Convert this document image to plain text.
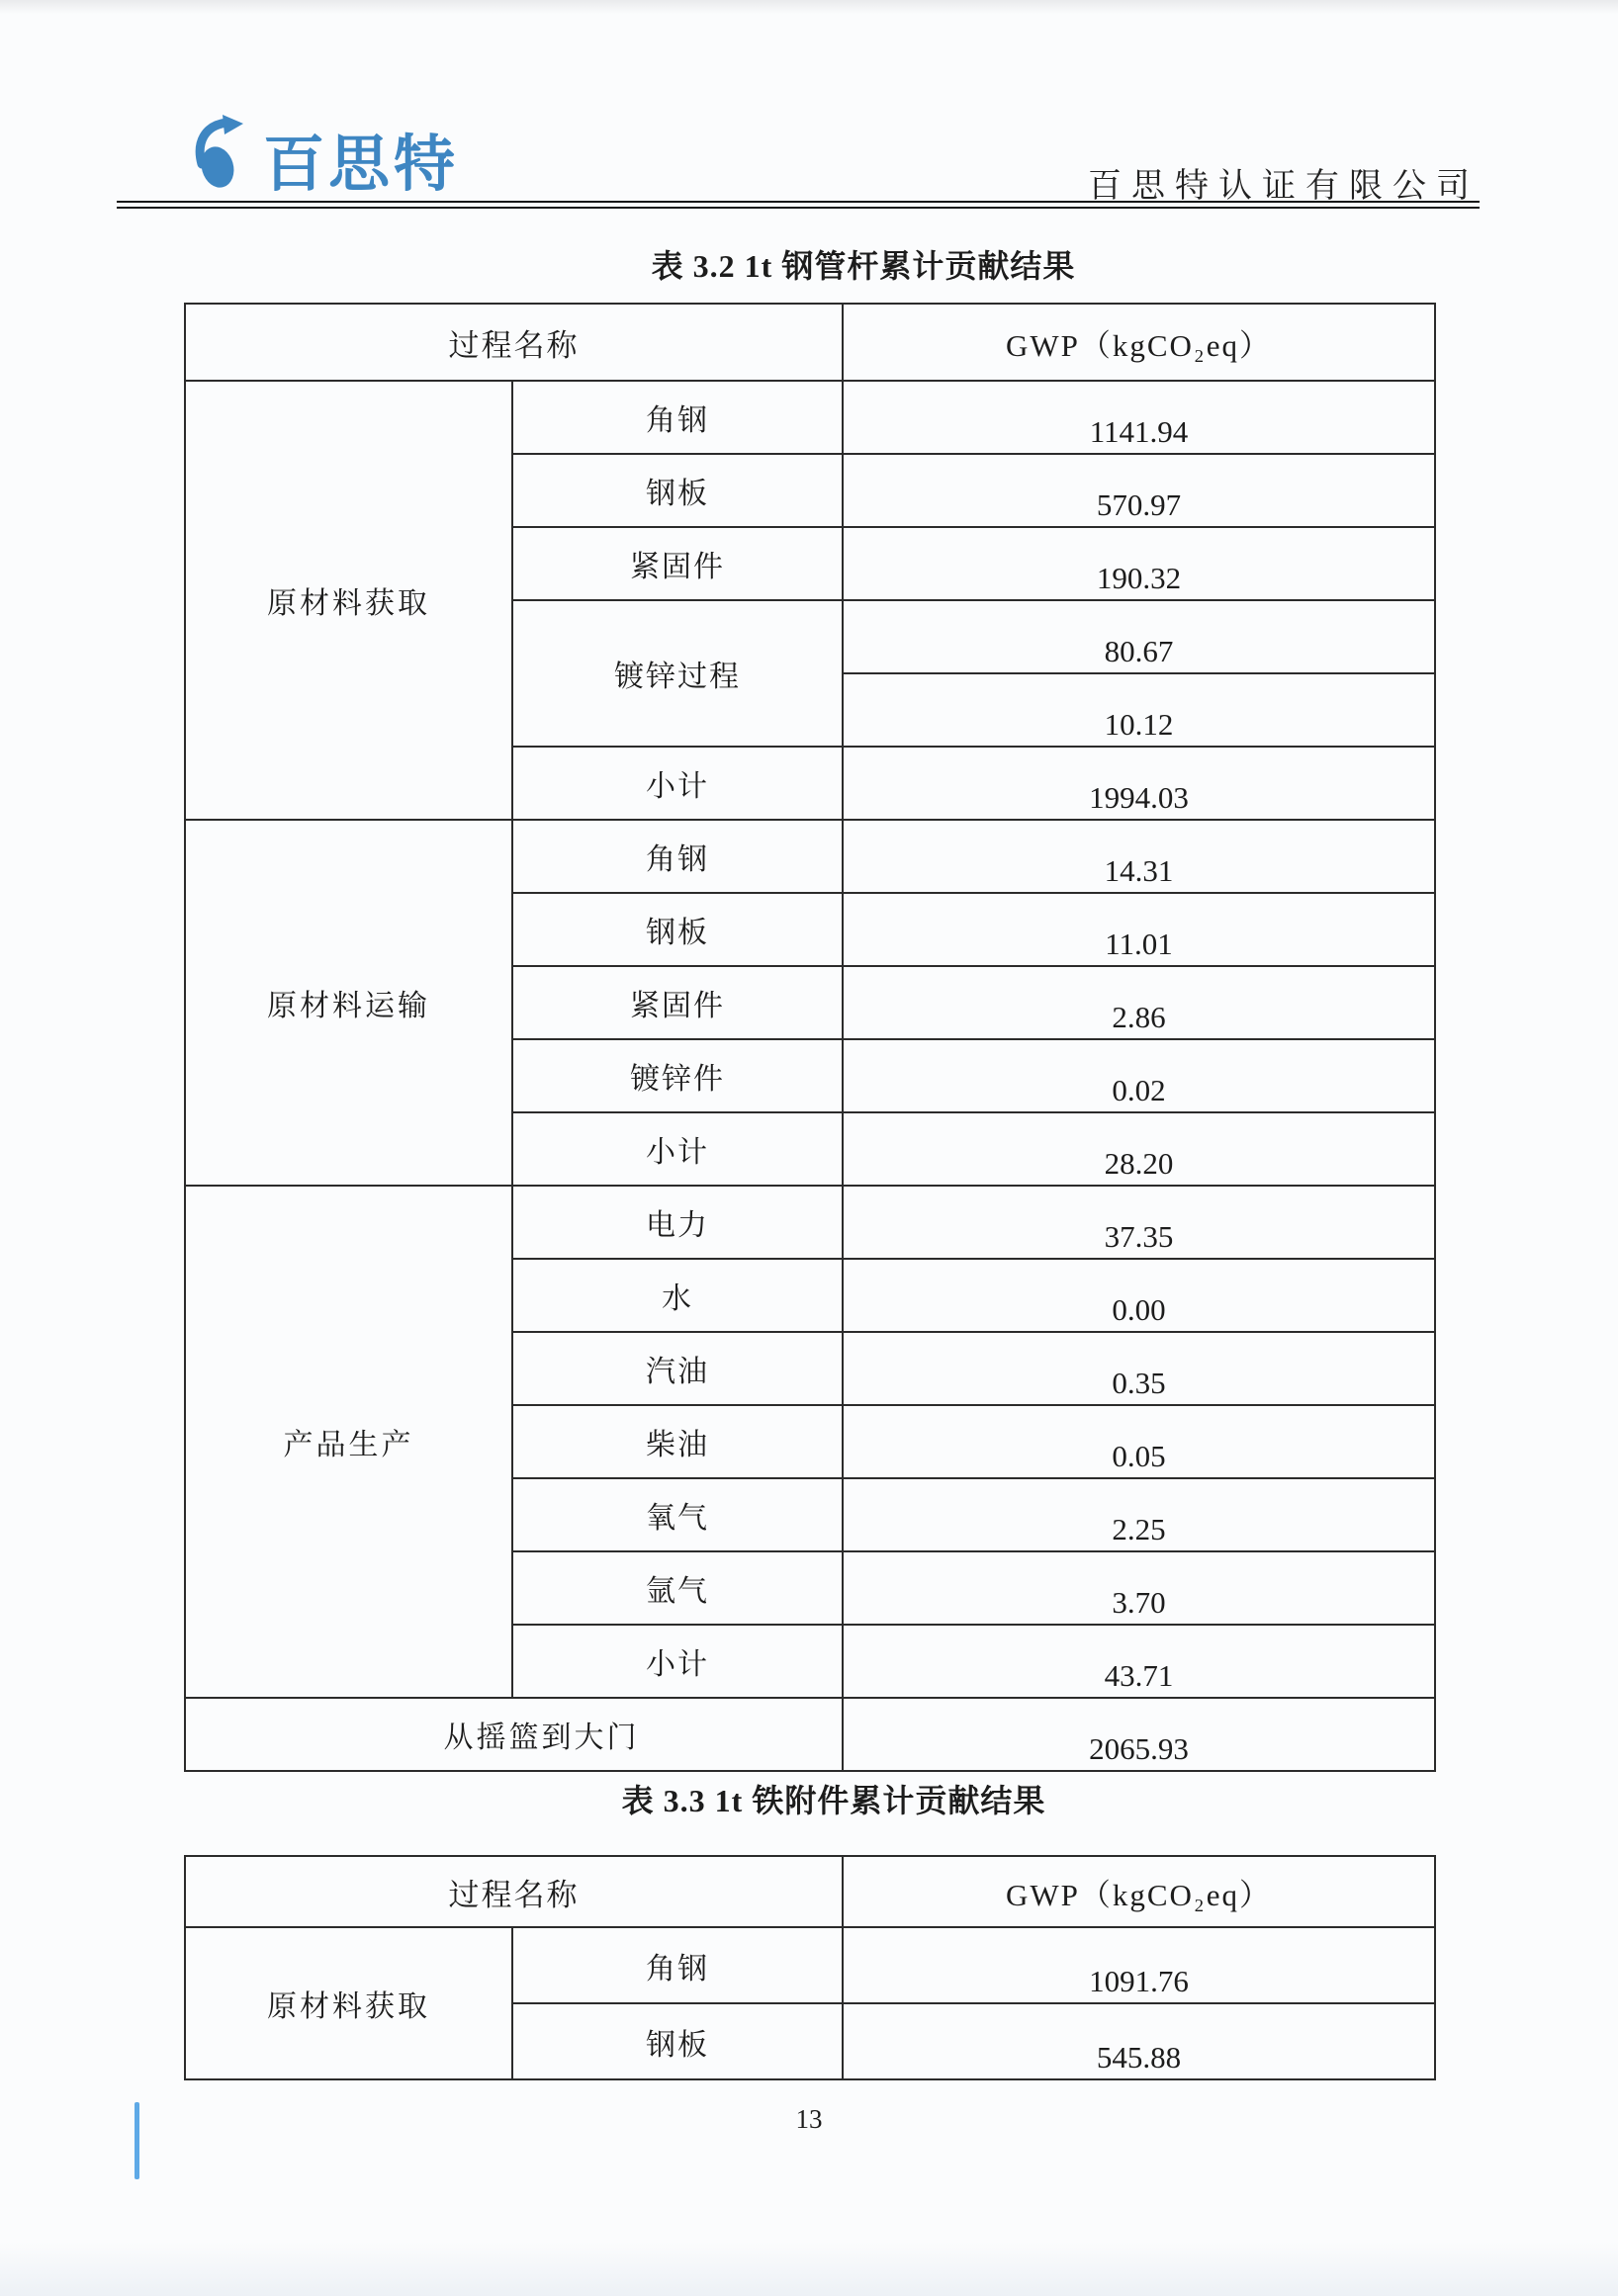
百思特	百思特认证有限公司
表 3.2 1t 钢管杆累计贡献结果
过程名称		GWP（kgCO₂eq）
原材料获取	角钢	1141.94
	钢板	570.97
	紧固件	190.32
	镀锌过程	80.67
		10.12
	小计	1994.03
原材料运输	角钢	14.31
	钢板	11.01
	紧固件	2.86
	镀锌件	0.02
	小计	28.20
产品生产	电力	37.35
	水	0.00
	汽油	0.35
	柴油	0.05
	氧气	2.25
	氩气	3.70
	小计	43.71
从摇篮到大门		2065.93
表 3.3 1t 铁附件累计贡献结果
过程名称		GWP（kgCO₂eq）
原材料获取	角钢	1091.76
	钢板	545.88
13
